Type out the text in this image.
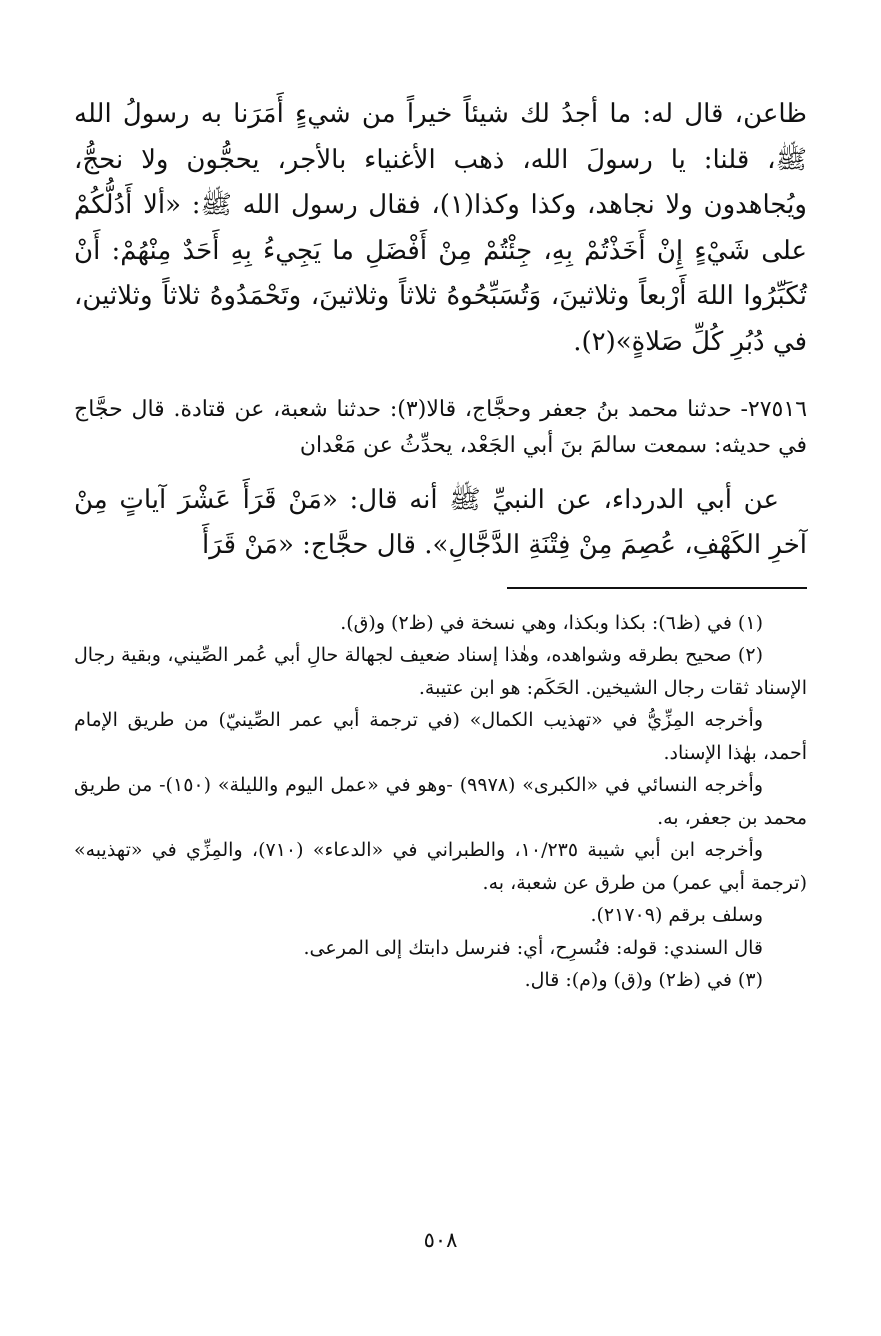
ظاعن، قال له: ما أجدُ لك شيئاً خيراً من شيءٍ أَمَرَنا به رسولُ الله ﷺ، قلنا: يا رسولَ الله، ذهب الأغنياء بالأجر، يحجُّون ولا نحجُّ، ويُجاهدون ولا نجاهد، وكذا وكذا(١)، فقال رسول الله ﷺ: «ألا أَدُلُّكُمْ على شَيْءٍ إِنْ أَخَذْتُمْ بِهِ، جِئْتُمْ مِنْ أَفْضَلِ ما يَجِيءُ بِهِ أَحَدٌ مِنْهُمْ: أَنْ تُكَبِّرُوا اللهَ أَرْبعاً وثلاثينَ، وَتُسَبِّحُوهُ ثلاثاً وثلاثينَ، وتَحْمَدُوهُ ثلاثاً وثلاثين، في دُبُرِ كُلِّ صَلاةٍ»(٢).

٢٧٥١٦- حدثنا محمد بنُ جعفر وحجَّاج، قالا(٣): حدثنا شعبة، عن قتادة. قال حجَّاج في حديثه: سمعت سالمَ بنَ أبي الجَعْد، يحدِّثُ عن مَعْدان

عن أبي الدرداء، عن النبيِّ ﷺ أنه قال: «مَنْ قَرَأَ عَشْرَ آياتٍ مِنْ آخرِ الكَهْفِ، عُصِمَ مِنْ فِتْنَةِ الدَّجَّالِ». قال حجَّاج: «مَنْ قَرَأَ

(١) في (ظ٦): بكذا وبكذا، وهي نسخة في (ظ٢) و(ق).

(٢) صحيح بطرقه وشواهده، وهٰذا إسناد ضعيف لجهالة حالِ أبي عُمر الصِّيني، وبقية رجال الإسناد ثقات رجال الشيخين. الحَكَم: هو ابن عتيبة.

وأخرجه المِزِّيُّ في «تهذيب الكمال» (في ترجمة أبي عمر الصِّينيّ) من طريق الإمام أحمد، بهٰذا الإسناد.

وأخرجه النسائي في «الكبرى» (٩٩٧٨) -وهو في «عمل اليوم والليلة» (١٥٠)- من طريق محمد بن جعفر، به.

وأخرجه ابن أبي شيبة ١٠/٢٣٥، والطبراني في «الدعاء» (٧١٠)، والمِزِّي في «تهذيبه» (ترجمة أبي عمر) من طرق عن شعبة، به.

وسلف برقم (٢١٧٠٩).

قال السندي: قوله: فنُسرِح، أي: فنرسل دابتك إلى المرعى.

(٣) في (ظ٢) و(ق) و(م): قال.

٥٠٨
